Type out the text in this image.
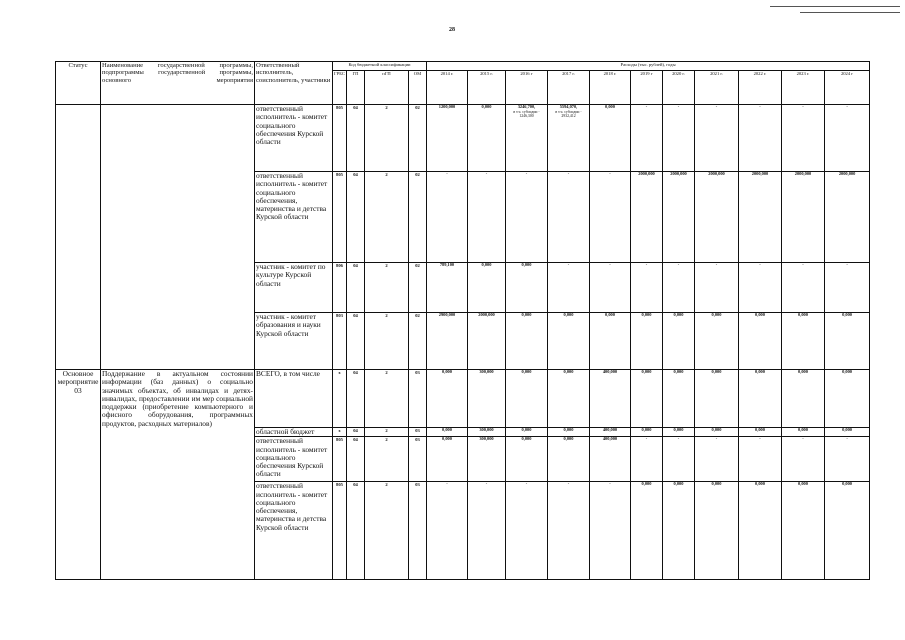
28
Статус	Наименование государственной программы, подпрограммы государственной программы, основного мероприятия	Ответственный исполнитель, соисполнитель, участники	Код бюджетной классификации				Расходы (тыс. рублей), годы										
			ГРБС	ГП	пГП	ОМ	2014 г.	2015 г.	2016 г	2017 г.	2018 г.	2019 г	2020 г.	2021 г.	2022 г.	2023 г.	2024 г
		ответственный исполнитель - комитет социального обеспечения Курской области	805	04	2	02	1200,000	0,000	3246,700,
в т.ч. субсидии - 1246,300	5594,070,
в т.ч. субсидии - 2932,412	0,000	-	-	-	-	-	-

		ответственный исполнитель - комитет социального обеспечения, материнства и детства Курской области	805	04	2	02	-	-	-	-	-	2000,000	2000,000	2000,000	2000,000	2000,000	2000,000
		участник - комитет по культуре Курской области	806	04	2	02	789,100	0,000	0,000	-	-	-	-	-	-	-	-
		участник - комитет образования и науки Курской области	803	04	2	02	2900,000	2000,000	0,000	0,000	0,000	0,000	0,000	0,000	0,000	0,000	0,000
Основное мероприятие 03	Поддержание в актуальном состоянии информации (баз данных) о социально значимых объектах, об инвалидах и детях-инвалидах, предоставлении им мер социальной поддержки (приобретение компьютерного и офисного оборудования, программных продуктов, расходных материалов)	ВСЕГО, в том числе	x	04	2	03	0,000	300,000	0,000	0,000	400,000	0,000	0,000	0,000	0,000	0,000	0,000
		областной бюджет	x	04	2	03	0,000	300,000	0,000	0,000	400,000	0,000	0,000	0,000	0,000	0,000	0,000
		ответственный исполнитель - комитет социального обеспечения Курской области	805	04	2	03	0,000	300,000	0,000	0,000	400,000	-	-	-	-	-	-
		ответственный исполнитель - комитет социального обеспечения, материнства и детства Курской области	805	04	2	03	-	-	-	-	-	0,000	0,000	0,000	0,000	0,000	0,000
